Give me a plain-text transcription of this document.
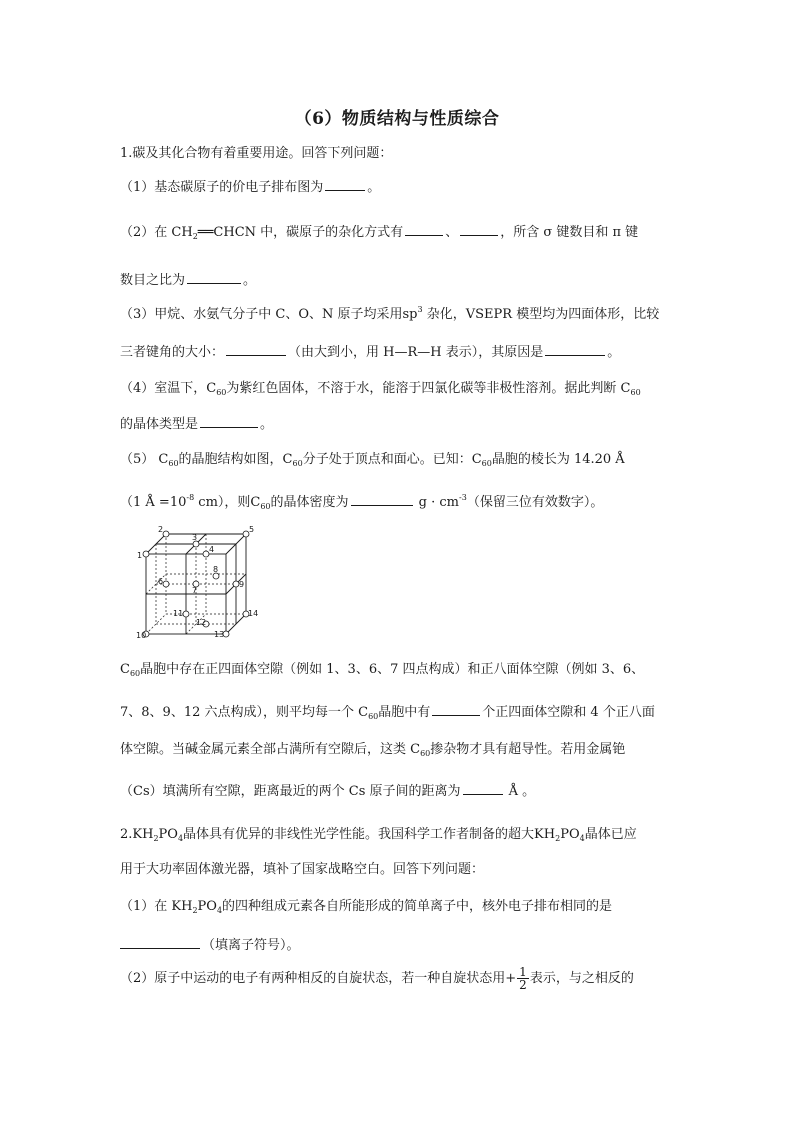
（6）物质结构与性质综合
1.碳及其化合物有着重要用途。回答下列问题：
（1）基态碳原子的价电子排布图为	。
（2）在 $CH_2══CHCN$ 中，碳原子的杂化方式有	、	，所含 σ 键数目和 π 键
数目之比为	。
（3）甲烷、水氨气分子中 C、O、N 原子均采用$sp^3$ 杂化，VSEPR 模型均为四面体形，比较
三者键角的大小：	（由大到小，用 H—R—H 表示），其原因是	。
（4）室温下，$C_{60}$为紫红色固体，不溶于水，能溶于四氯化碳等非极性溶剂。据此判断 $C_{60}$
的晶体类型是	。
（5） $C_{60}$的晶胞结构如图，$C_{60}$分子处于顶点和面心。已知：$C_{60}$晶胞的棱长为 14.20 Å
（1 Å $=10^{-8}$ cm），则$C_{60}$的晶体密度为	$g \cdot cm^{-3}$（保留三位有效数字）。
1
2
3
4
5
6
7
8
9
10
11
12
13
14
$C_{60}$晶胞中存在正四面体空隙（例如 1、3、6、7 四点构成）和正八面体空隙（例如 3、6、
7、8、9、12 六点构成），则平均每一个 $C_{60}$晶胞中有	个正四面体空隙和 4 个正八面
体空隙。当碱金属元素全部占满所有空隙后，这类 $C_{60}$掺杂物才具有超导性。若用金属铯
（Cs）填满所有空隙，距离最近的两个 Cs 原子间的距离为	Å 。
$2.KH_2PO_4$晶体具有优异的非线性光学性能。我国科学工作者制备的超大$KH_2PO_4$晶体已应
用于大功率固体激光器，填补了国家战略空白。回答下列问题：
（1）在 $KH_2PO_4$的四种组成元素各自所能形成的简单离子中，核外电子排布相同的是
（填离子符号）。
（2）原子中运动的电子有两种相反的自旋状态，若一种自旋状态用+ $\frac{1}{2}$ 表示，与之相反的
